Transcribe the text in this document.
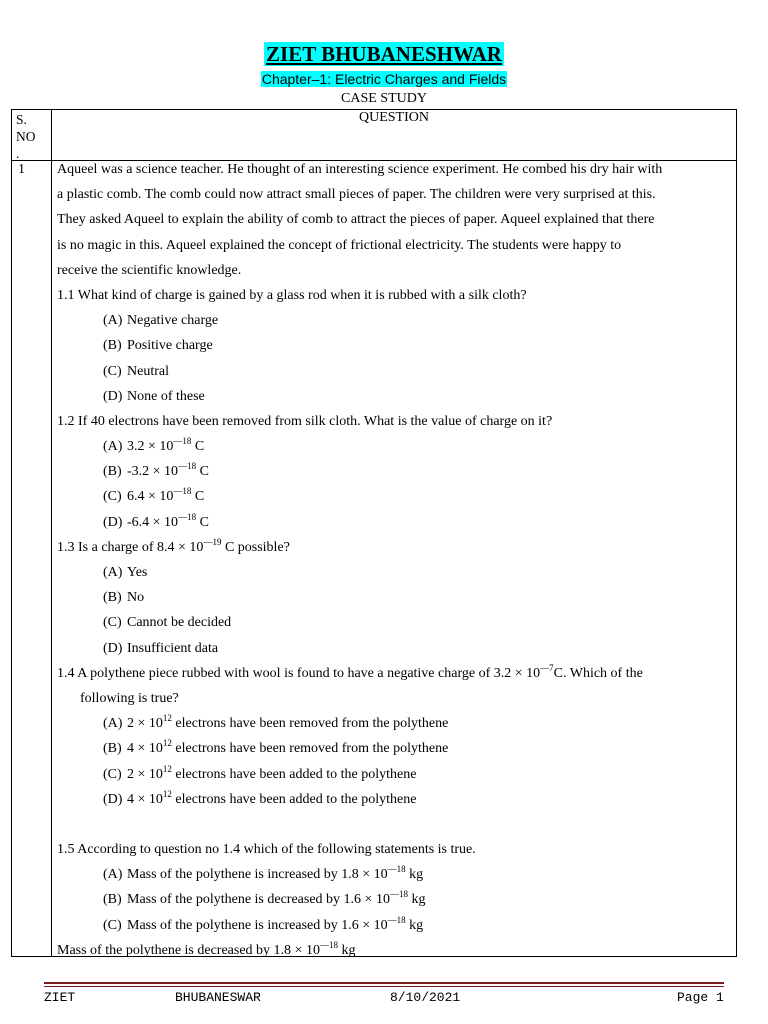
ZIET BHUBANESHWAR
Chapter–1: Electric Charges and Fields
CASE STUDY
S.
NO
.
QUESTION
1 Aqueel was a science teacher. He thought of an interesting science experiment. He combed his dry hair with
a plastic comb. The comb could now attract small pieces of paper. The children were very surprised at this.
They asked Aqueel to explain the ability of comb to attract the pieces of paper. Aqueel explained that there
is no magic in this. Aqueel explained the concept of frictional electricity. The students were happy to
receive the scientific knowledge.
1.1 What kind of charge is gained by a glass rod when it is rubbed with a silk cloth?
(A) Negative charge
(B) Positive charge
(C) Neutral
(D) None of these
1.2 If 40 electrons have been removed from silk cloth. What is the value of charge on it?
(A) $3.2 \times 10^{—18}$ C
(B) $-3.2 \times 10^{—18}$ C
(C) $6.4 \times 10^{—18}$ C
(D) $-6.4 \times 10^{—18}$ C
1.3 Is a charge of $8.4 \times 10^{—19}$ C possible?
(A) Yes
(B) No
(C) Cannot be decided
(D) Insufficient data
1.4 A polythene piece rubbed with wool is found to have a negative charge of $3.2 \times 10^{—7}C$. Which of the
following is true?
(A) $2 \times 10^{12}$ electrons have been removed from the polythene
(B) $4 \times 10^{12}$ electrons have been removed from the polythene
(C) $2 \times 10^{12}$ electrons have been added to the polythene
(D) $4 \times 10^{12}$ electrons have been added to the polythene
1.5 According to question no 1.4 which of the following statements is true.
(A) Mass of the polythene is increased by $1.8 \times 10^{—18}$ kg
(B) Mass of the polythene is decreased by $1.6 \times 10^{—18}$ kg
(C) Mass of the polythene is increased by $1.6 \times 10^{—18}$ kg
Mass of the polythene is decreased by $1.8 \times 10^{—18}$ kg
ZIET	BHUBANESWAR	8/10/2021	Page 1
